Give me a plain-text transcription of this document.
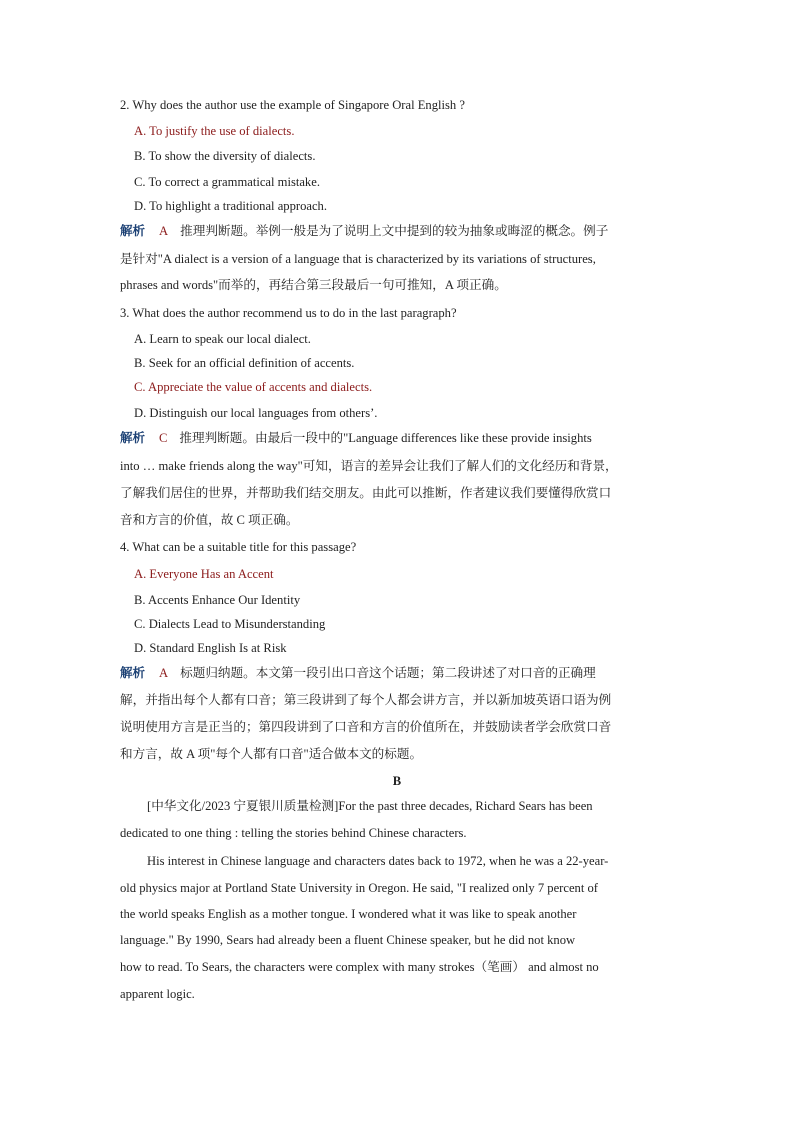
2. Why does the author use the example of Singapore Oral English ?
A. To justify the use of dialects.
B. To show the diversity of dialects.
C. To correct a grammatical mistake.
D. To highlight a traditional approach.
解析 A 推理判断题。举例一般是为了说明上文中提到的较为抽象或晦涩的概念。例子
是针对"A dialect is a version of a language that is characterized by its variations of structures,
phrases and words"而举的，再结合第三段最后一句可推知，A 项正确。
3. What does the author recommend us to do in the last paragraph?
A. Learn to speak our local dialect.
B. Seek for an official definition of accents.
C. Appreciate the value of accents and dialects.
D. Distinguish our local languages from others’.
解析 C 推理判断题。由最后一段中的"Language differences like these provide insights
into … make friends along the way"可知，语言的差异会让我们了解人们的文化经历和背景，
了解我们居住的世界，并帮助我们结交朋友。由此可以推断，作者建议我们要懂得欣赏口
音和方言的价值，故 C 项正确。
4. What can be a suitable title for this passage?
A. Everyone Has an Accent
B. Accents Enhance Our Identity
C. Dialects Lead to Misunderstanding
D. Standard English Is at Risk
解析 A 标题归纳题。本文第一段引出口音这个话题；第二段讲述了对口音的正确理
解，并指出每个人都有口音；第三段讲到了每个人都会讲方言，并以新加坡英语口语为例
说明使用方言是正当的；第四段讲到了口音和方言的价值所在，并鼓励读者学会欣赏口音
和方言，故 A 项"每个人都有口音"适合做本文的标题。
B
[中华文化/2023 宁夏银川质量检测]For the past three decades, Richard Sears has been
dedicated to one thing : telling the stories behind Chinese characters.
His interest in Chinese language and characters dates back to 1972, when he was a 22-year-
old physics major at Portland State University in Oregon. He said, "I realized only 7 percent of
the world speaks English as a mother tongue. I wondered what it was like to speak another
language." By 1990, Sears had already been a fluent Chinese speaker, but he did not know
how to read. To Sears, the characters were complex with many strokes（笔画） and almost no
apparent logic.
